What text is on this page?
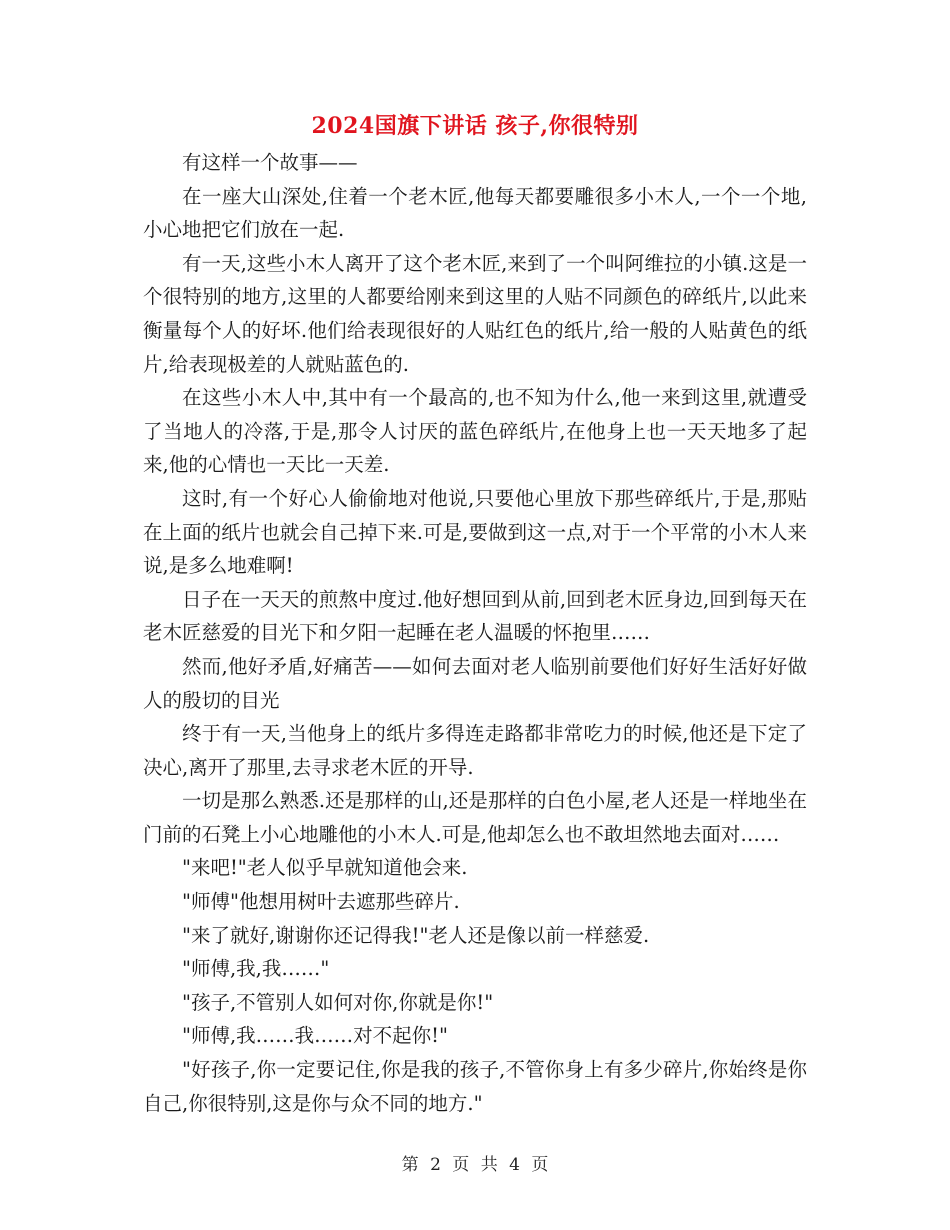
2024国旗下讲话 孩子,你很特别

有这样一个故事——

在一座大山深处,住着一个老木匠,他每天都要雕很多小木人,一个一个地,小心地把它们放在一起.

有一天,这些小木人离开了这个老木匠,来到了一个叫阿维拉的小镇.这是一个很特别的地方,这里的人都要给刚来到这里的人贴不同颜色的碎纸片,以此来衡量每个人的好坏.他们给表现很好的人贴红色的纸片,给一般的人贴黄色的纸片,给表现极差的人就贴蓝色的.

在这些小木人中,其中有一个最高的,也不知为什么,他一来到这里,就遭受了当地人的冷落,于是,那令人讨厌的蓝色碎纸片,在他身上也一天天地多了起来,他的心情也一天比一天差.

这时,有一个好心人偷偷地对他说,只要他心里放下那些碎纸片,于是,那贴在上面的纸片也就会自己掉下来.可是,要做到这一点,对于一个平常的小木人来说,是多么地难啊!

日子在一天天的煎熬中度过.他好想回到从前,回到老木匠身边,回到每天在老木匠慈爱的目光下和夕阳一起睡在老人温暖的怀抱里……

然而,他好矛盾,好痛苦——如何去面对老人临别前要他们好好生活好好做人的殷切的目光

终于有一天,当他身上的纸片多得连走路都非常吃力的时候,他还是下定了决心,离开了那里,去寻求老木匠的开导.

一切是那么熟悉.还是那样的山,还是那样的白色小屋,老人还是一样地坐在门前的石凳上小心地雕他的小木人.可是,他却怎么也不敢坦然地去面对……

"来吧!"老人似乎早就知道他会来.

"师傅"他想用树叶去遮那些碎片.

"来了就好,谢谢你还记得我!"老人还是像以前一样慈爱.

"师傅,我,我……"

"孩子,不管别人如何对你,你就是你!"

"师傅,我……我……对不起你!"

"好孩子,你一定要记住,你是我的孩子,不管你身上有多少碎片,你始终是你自己,你很特别,这是你与众不同的地方."

第 2 页 共 4 页
